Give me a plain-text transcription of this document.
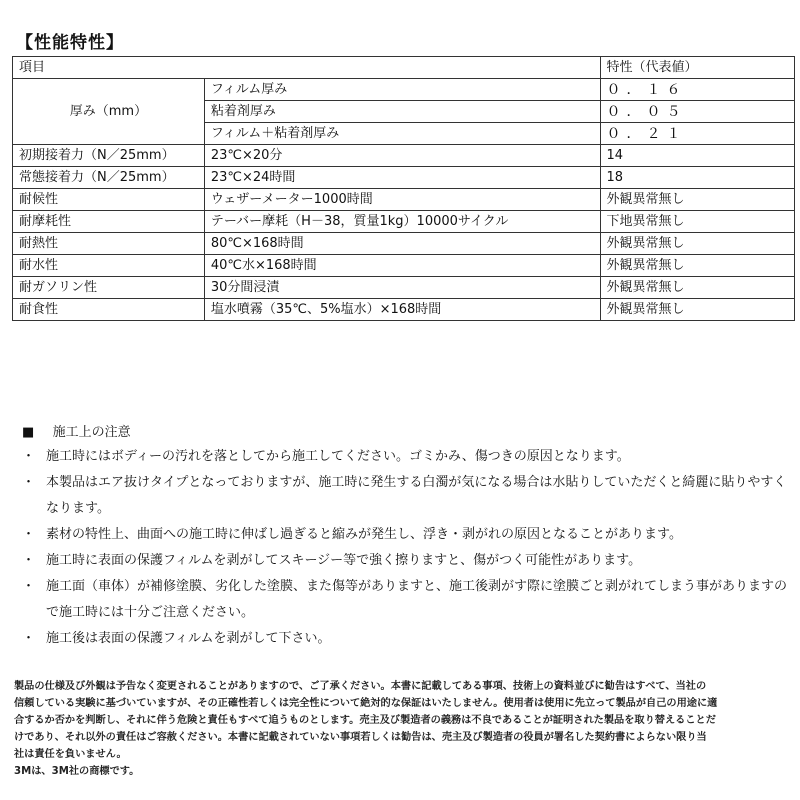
【性能特性】
項目		特性（代表値）
厚み（mm）	フィルム厚み	０．１６
	粘着剤厚み	０．０５
	フィルム＋粘着剤厚み	０．２１
初期接着力（N／25mm）	23℃×20分	14
常態接着力（N／25mm）	23℃×24時間	18
耐候性	ウェザーメーター1000時間	外観異常無し
耐摩耗性	テーバー摩耗（H－38，質量1kg）10000サイクル	下地異常無し
耐熱性	80℃×168時間	外観異常無し
耐水性	40℃水×168時間	外観異常無し
耐ガソリン性	30分間浸漬	外観異常無し
耐食性	塩水噴霧（35℃、5%塩水）×168時間	外観異常無し
■ 施工上の注意
・ 施工時にはボディーの汚れを落としてから施工してください。ゴミかみ、傷つきの原因となります。
・ 本製品はエア抜けタイプとなっておりますが、施工時に発生する白濁が気になる場合は水貼りしていただくと綺麗に貼りやすくなります。
・ 素材の特性上、曲面への施工時に伸ばし過ぎると縮みが発生し、浮き・剥がれの原因となることがあります。
・ 施工時に表面の保護フィルムを剥がしてスキージー等で強く擦りますと、傷がつく可能性があります。
・ 施工面（車体）が補修塗膜、劣化した塗膜、また傷等がありますと、施工後剥がす際に塗膜ごと剥がれてしまう事がありますので施工時には十分ご注意ください。
・ 施工後は表面の保護フィルムを剥がして下さい。
製品の仕様及び外観は予告なく変更されることがありますので、ご了承ください。本書に記載してある事項、技術上の資料並びに勧告はすべて、当社の
信頼している実験に基づいていますが、その正確性若しくは完全性について絶対的な保証はいたしません。使用者は使用に先立って製品が自己の用途に適
合するか否かを判断し、それに伴う危険と責任もすべて追うものとします。売主及び製造者の義務は不良であることが証明された製品を取り替えることだ
けであり、それ以外の責任はご容赦ください。本書に記載されていない事項若しくは勧告は、売主及び製造者の役員が署名した契約書によらない限り当
社は責任を負いません。
3Mは、3M社の商標です。
